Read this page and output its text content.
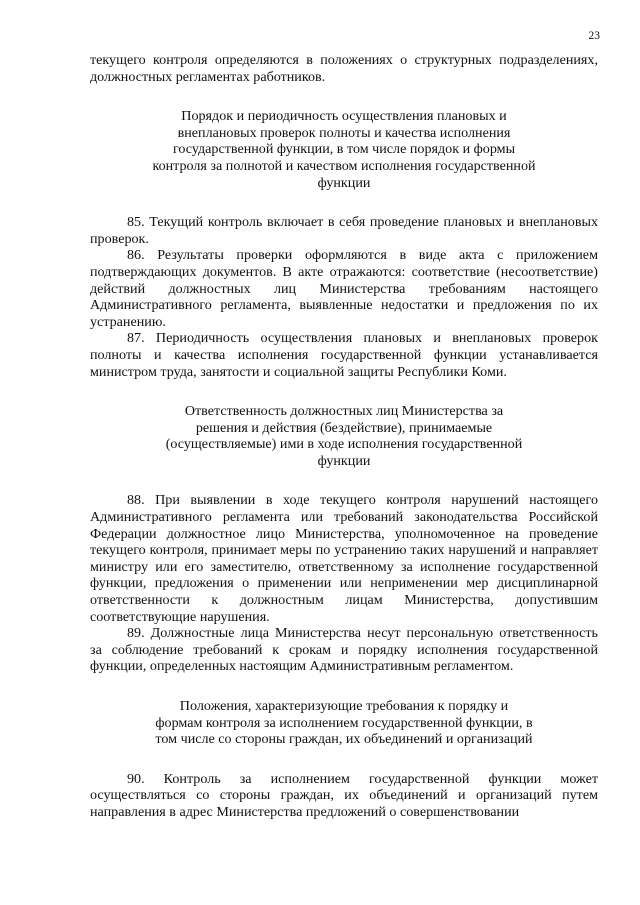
23

текущего контроля определяются в положениях о структурных подразделениях, должностных регламентах работников.

Порядок и периодичность осуществления плановых и внеплановых проверок полноты и качества исполнения государственной функции, в том числе порядок и формы контроля за полнотой и качеством исполнения государственной функции

85. Текущий контроль включает в себя проведение плановых и внеплановых проверок.

86. Результаты проверки оформляются в виде акта с приложением подтверждающих документов. В акте отражаются: соответствие (несоответствие) действий должностных лиц Министерства требованиям настоящего Административного регламента, выявленные недостатки и предложения по их устранению.

87. Периодичность осуществления плановых и внеплановых проверок полноты и качества исполнения государственной функции устанавливается министром труда, занятости и социальной защиты Республики Коми.

Ответственность должностных лиц Министерства за решения и действия (бездействие), принимаемые (осуществляемые) ими в ходе исполнения государственной функции

88. При выявлении в ходе текущего контроля нарушений настоящего Административного регламента или требований законодательства Российской Федерации должностное лицо Министерства, уполномоченное на проведение текущего контроля, принимает меры по устранению таких нарушений и направляет министру или его заместителю, ответственному за исполнение государственной функции, предложения о применении или неприменении мер дисциплинарной ответственности к должностным лицам Министерства, допустившим соответствующие нарушения.

89. Должностные лица Министерства несут персональную ответственность за соблюдение требований к срокам и порядку исполнения государственной функции, определенных настоящим Административным регламентом.

Положения, характеризующие требования к порядку и формам контроля за исполнением государственной функции, в том числе со стороны граждан, их объединений и организаций

90. Контроль за исполнением государственной функции может осуществляться со стороны граждан, их объединений и организаций путем направления в адрес Министерства предложений о совершенствовании
